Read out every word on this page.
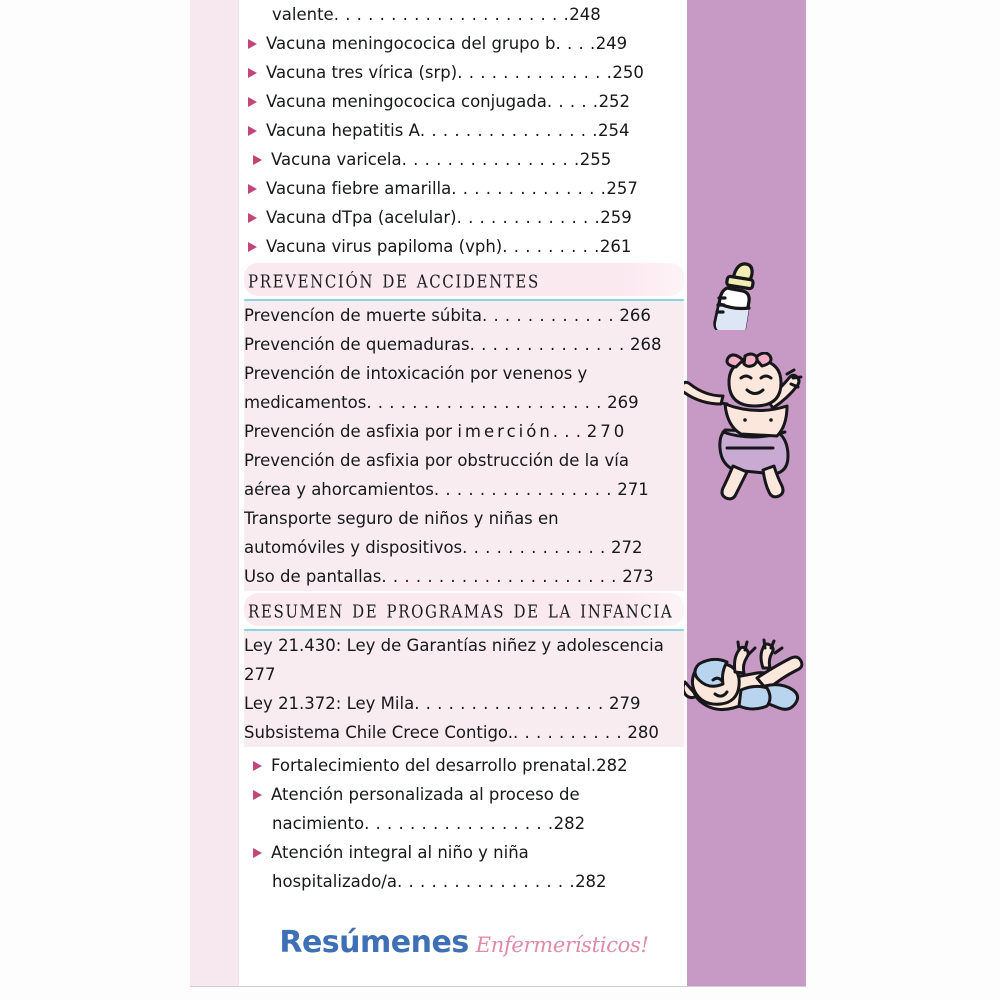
valente. . . . . . . . . . . . . . . . . . . . .248
Vacuna meningococica del grupo b. . . .249
Vacuna tres vírica (srp). . . . . . . . . . . . . .250
Vacuna meningococica conjugada. . . . .252
Vacuna hepatitis A. . . . . . . . . . . . . . . .254
Vacuna varicela. . . . . . . . . . . . . . . .255
Vacuna fiebre amarilla. . . . . . . . . . . . . .257
Vacuna dTpa (acelular). . . . . . . . . . . . .259
Vacuna virus papiloma (vph). . . . . . . . .261
prevención de accidentes
Prevencíon de muerte súbita. . . . . . . . . . . . 266
Prevención de quemaduras. . . . . . . . . . . . . . 268
Prevención de intoxicación por venenos y
medicamentos. . . . . . . . . . . . . . . . . . . . . 269
Prevención de asfixia por imerción. . . 270
Prevención de asfixia por obstrucción de la vía
aérea y ahorcamientos. . . . . . . . . . . . . . . . 271
Transporte seguro de niños y niñas en
automóviles y dispositivos. . . . . . . . . . . . . 272
Uso de pantallas. . . . . . . . . . . . . . . . . . . . . 273
resumen de programas de la infancia
Ley 21.430: Ley de Garantías niñez y adolescencia
277
Ley 21.372: Ley Mila. . . . . . . . . . . . . . . . . 279
Subsistema Chile Crece Contigo.. . . . . . . . . . 280
Fortalecimiento del desarrollo prenatal.282
Atención personalizada al proceso de
nacimiento. . . . . . . . . . . . . . . . .282
Atención integral al niño y niña
hospitalizado/a. . . . . . . . . . . . . . . .282
Resúmenes Enfermerísticos!
